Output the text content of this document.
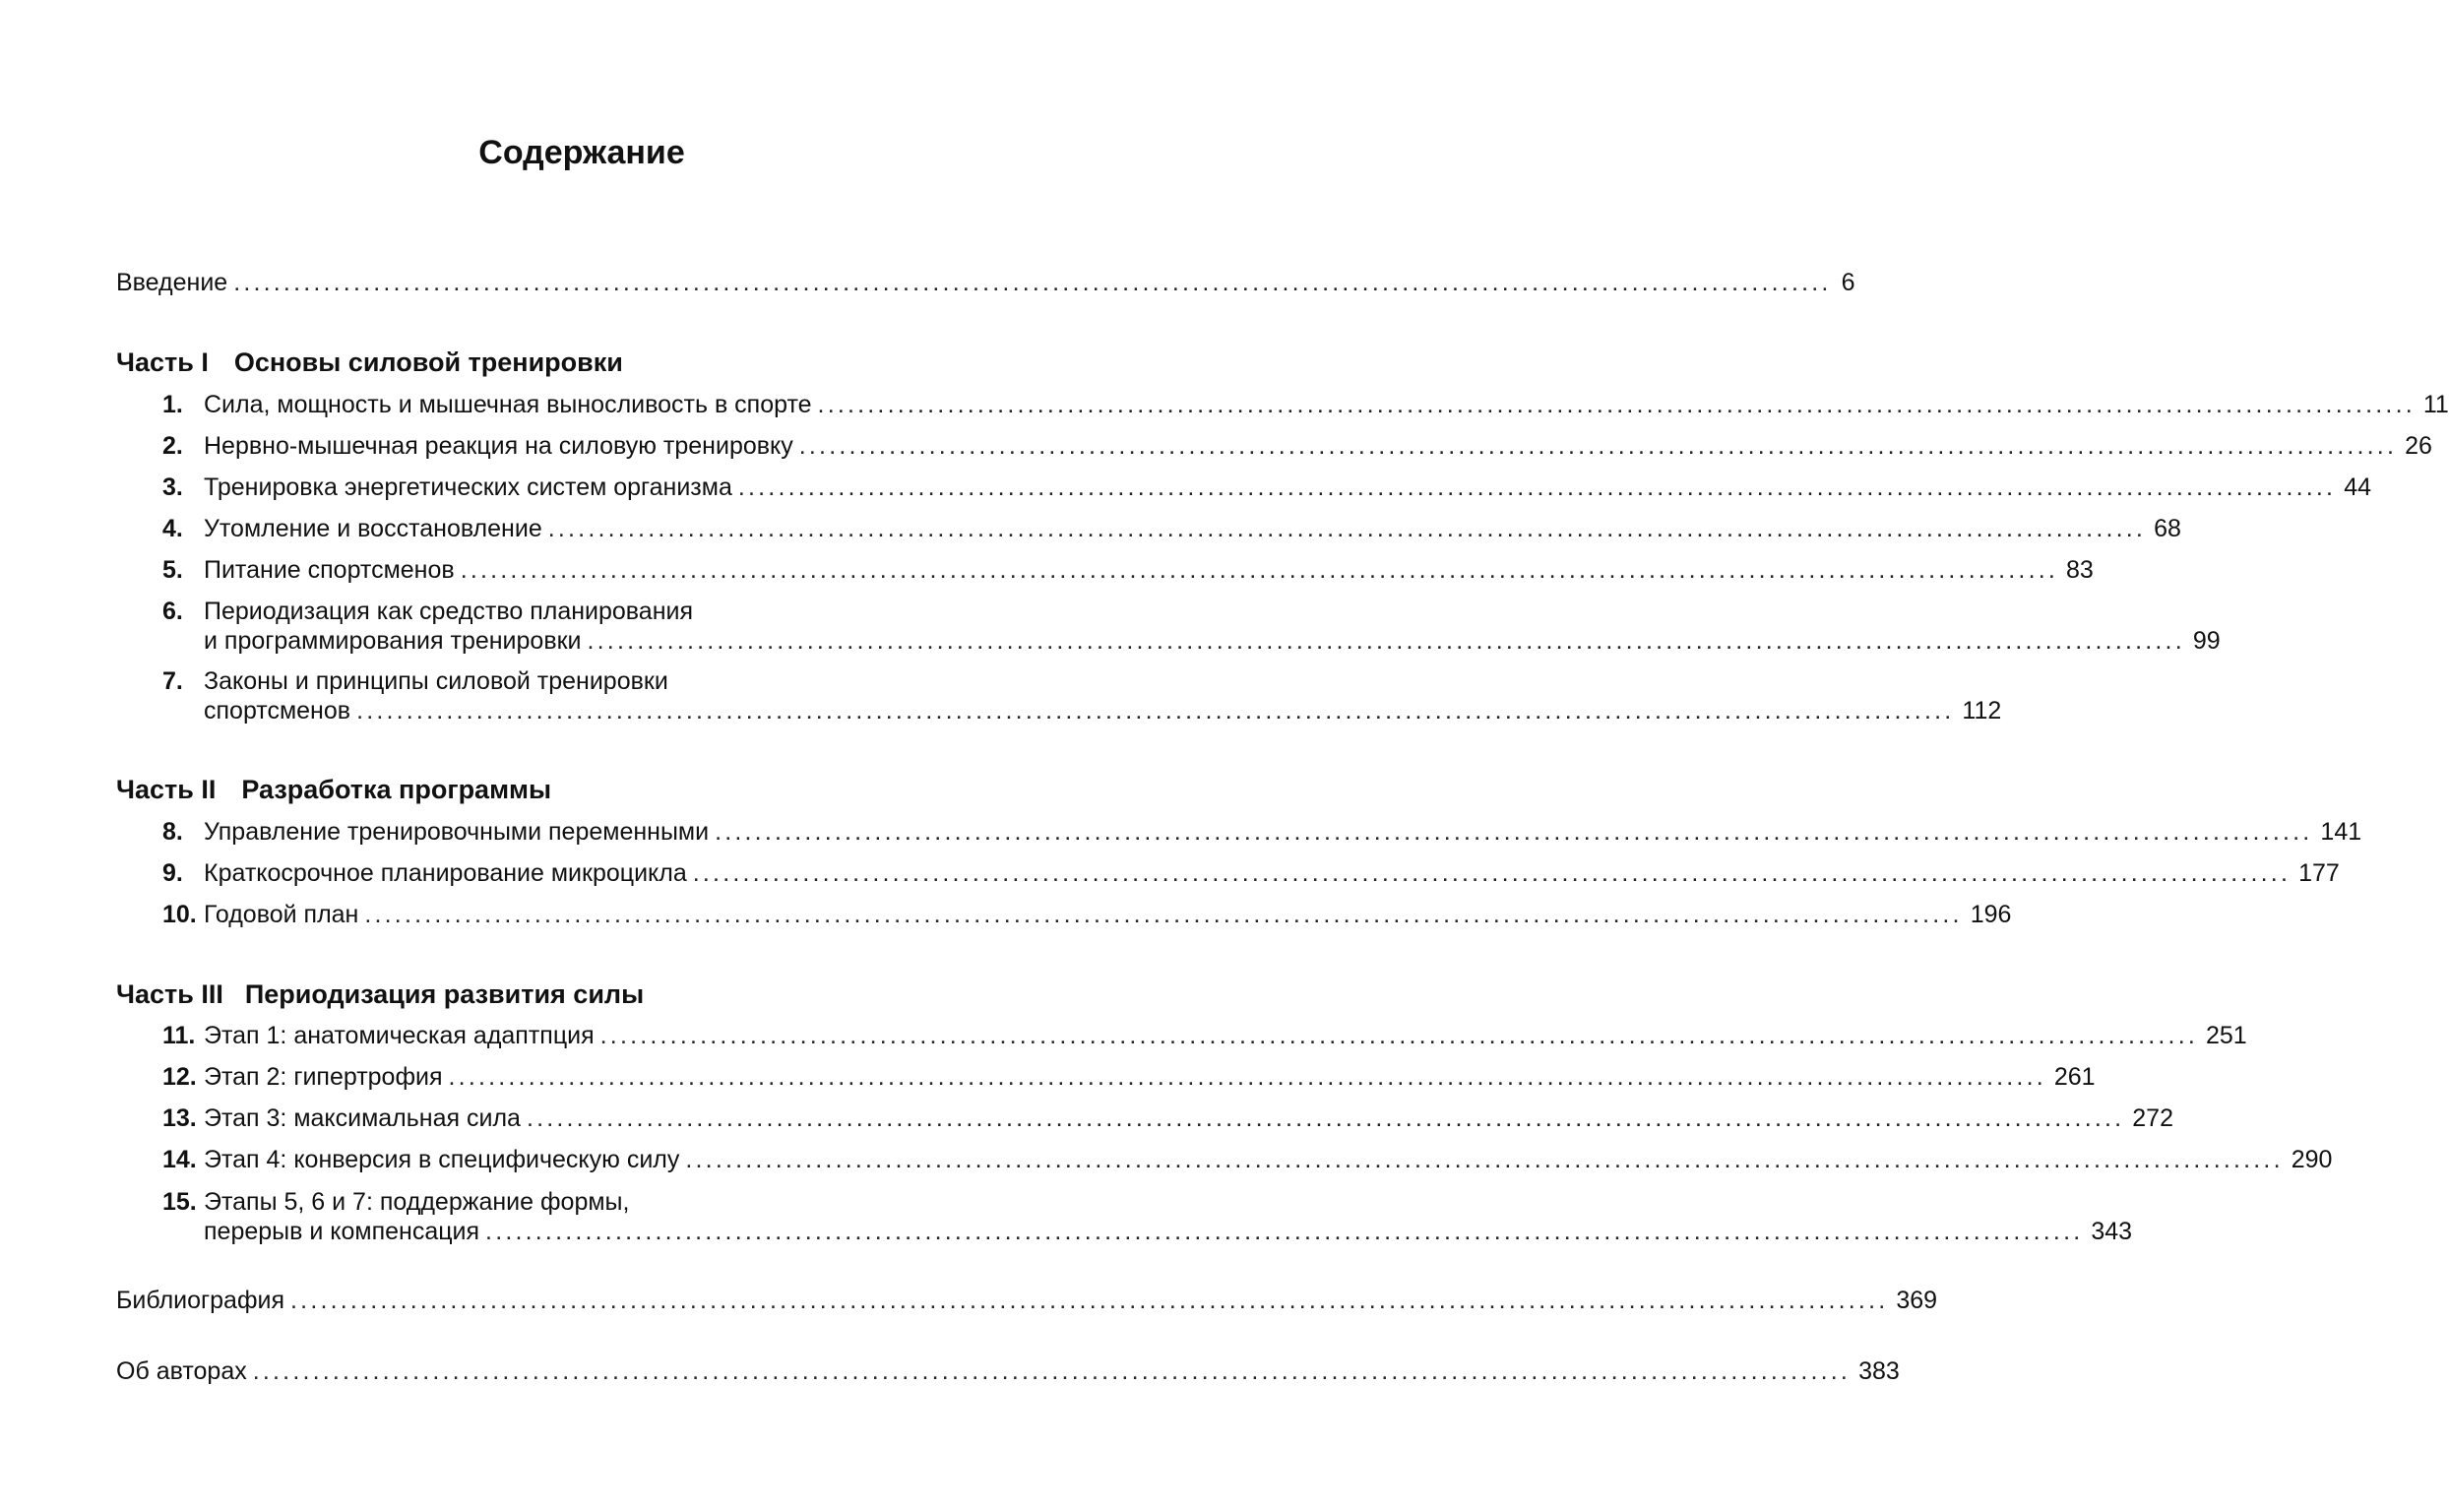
Содержание
Введение ................................................................................................................................................................ 6
Часть I Основы силовой тренировки
1. Сила, мощность и мышечная выносливость в спорте ................................................................................................................................................................ 11
2. Нервно-мышечная реакция на силовую тренировку ................................................................................................................................................................ 26
3. Тренировка энергетических систем организма ................................................................................................................................................................ 44
4. Утомление и восстановление ................................................................................................................................................................ 68
5. Питание спортсменов ................................................................................................................................................................ 83
6. Периодизация как средство планирования
и программирования тренировки ................................................................................................................................................................ 99
7. Законы и принципы силовой тренировки
спортсменов ................................................................................................................................................................ 112
Часть II Разработка программы
8. Управление тренировочными переменными ................................................................................................................................................................ 141
9. Краткосрочное планирование микроцикла ................................................................................................................................................................ 177
10. Годовой план ................................................................................................................................................................ 196
Часть III Периодизация развития силы
11. Этап 1: анатомическая адаптпция ................................................................................................................................................................ 251
12. Этап 2: гипертрофия ................................................................................................................................................................ 261
13. Этап 3: максимальная сила ................................................................................................................................................................ 272
14. Этап 4: конверсия в специфическую силу ................................................................................................................................................................ 290
15. Этапы 5, 6 и 7: поддержание формы,
перерыв и компенсация ................................................................................................................................................................ 343
Библиография ................................................................................................................................................................ 369
Об авторах ................................................................................................................................................................ 383
